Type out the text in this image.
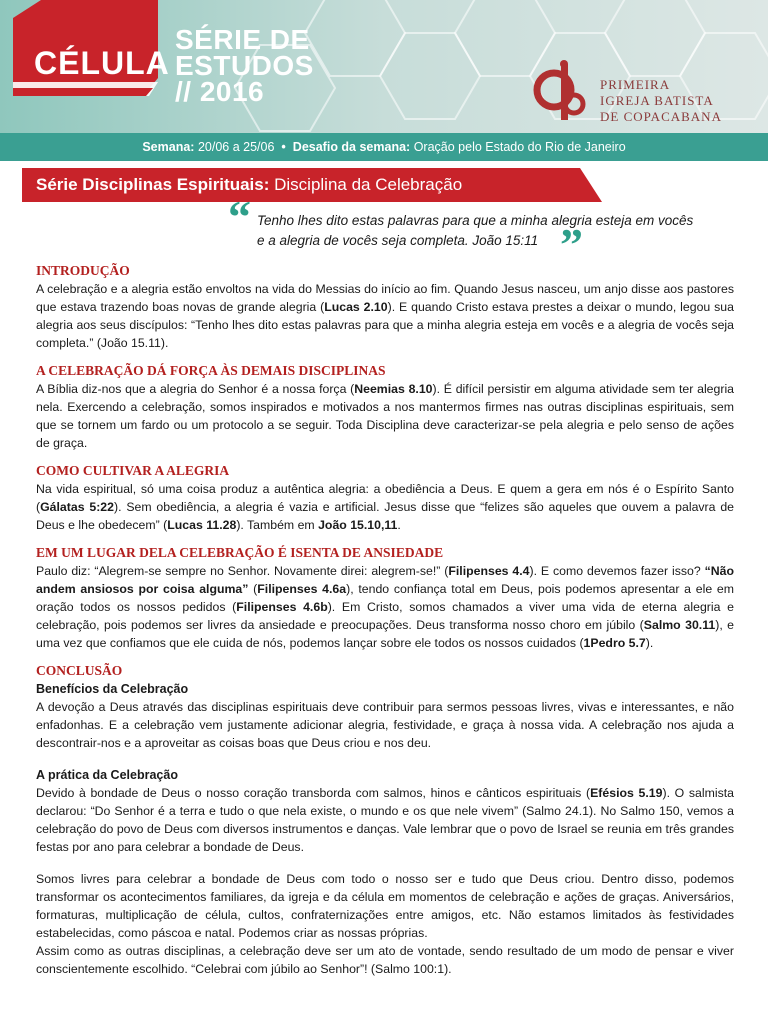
CÉLULA
SÉRIE DE
ESTUDOS
// 2016	PRIMEIRA
IGREJA BATISTA
DE COPACABANA
Semana:
20/06 a 25/06 • Desafio da semana:
Oração pelo Estado do Rio de Janeiro
Série Disciplinas Espirituais: Disciplina da Celebração
“ Tenho lhes dito estas palavras para que a minha alegria esteja em vocês
e a alegria de vocês seja completa. João 15:11 ”
INTRODUÇÃO

A celebração e a alegria estão envoltos na vida do Messias do início ao fim. Quando Jesus nasceu, um anjo disse aos pastores que estava trazendo boas novas de grande alegria (Lucas 2.10). E quando Cristo estava prestes a deixar o mundo, legou sua alegria aos seus discípulos: “Tenho lhes dito estas palavras para que a minha alegria esteja em vocês e a alegria de vocês seja completa.” (João 15.11).

A CELEBRAÇÃO DÁ FORÇA ÀS DEMAIS DISCIPLINAS

A Bíblia diz-nos que a alegria do Senhor é a nossa força (Neemias 8.10). É difícil persistir em alguma atividade sem ter alegria nela. Exercendo a celebração, somos inspirados e motivados a nos mantermos firmes nas outras disciplinas espirituais, sem que se tornem um fardo ou um protocolo a se seguir. Toda Disciplina deve caracterizar-se pela alegria e pelo senso de ações de graça.

COMO CULTIVAR A ALEGRIA

Na vida espiritual, só uma coisa produz a autêntica alegria: a obediência a Deus. E quem a gera em nós é o Espírito Santo (Gálatas 5:22). Sem obediência, a alegria é vazia e artificial. Jesus disse que “felizes são aqueles que ouvem a palavra de Deus e lhe obedecem” (Lucas 11.28). Também em João 15.10,11.

EM UM LUGAR DELA CELEBRAÇÃO É ISENTA DE ANSIEDADE

Paulo diz: “Alegrem-se sempre no Senhor. Novamente direi: alegrem-se!” (Filipenses 4.4). E como devemos fazer isso? “Não andem ansiosos por coisa alguma” (Filipenses 4.6a), tendo confiança total em Deus, pois podemos apresentar a ele em oração todos os nossos pedidos (Filipenses 4.6b). Em Cristo, somos chamados a viver uma vida de eterna alegria e celebração, pois podemos ser livres da ansiedade e preocupações. Deus transforma nosso choro em júbilo (Salmo 30.11), e uma vez que confiamos que ele cuida de nós, podemos lançar sobre ele todos os nossos cuidados (1Pedro 5.7).

CONCLUSÃO
Benefícios da Celebração

A devoção a Deus através das disciplinas espirituais deve contribuir para sermos pessoas livres, vivas e interessantes, e não enfadonhas. E a celebração vem justamente adicionar alegria, festividade, e graça à nossa vida. A celebração nos ajuda a descontrair-nos e a aproveitar as coisas boas que Deus criou e nos deu.

A prática da Celebração

Devido à bondade de Deus o nosso coração transborda com salmos, hinos e cânticos espirituais (Efésios 5.19). O salmista declarou: “Do Senhor é a terra e tudo o que nela existe, o mundo e os que nele vivem” (Salmo 24.1). No Salmo 150, vemos a celebração do povo de Deus com diversos instrumentos e danças. Vale lembrar que o povo de Israel se reunia em três grandes festas por ano para celebrar a bondade de Deus.

Somos livres para celebrar a bondade de Deus com todo o nosso ser e tudo que Deus criou. Dentro disso, podemos transformar os acontecimentos familiares, da igreja e da célula em momentos de celebração e ações de graças. Aniversários, formaturas, multiplicação de célula, cultos, confraternizações entre amigos, etc. Não estamos limitados às festividades estabelecidas, como páscoa e natal. Podemos criar as nossas próprias.

Assim como as outras disciplinas, a celebração deve ser um ato de vontade, sendo resultado de um modo de pensar e viver conscientemente escolhido. “Celebrai com júbilo ao Senhor”! (Salmo 100:1).
